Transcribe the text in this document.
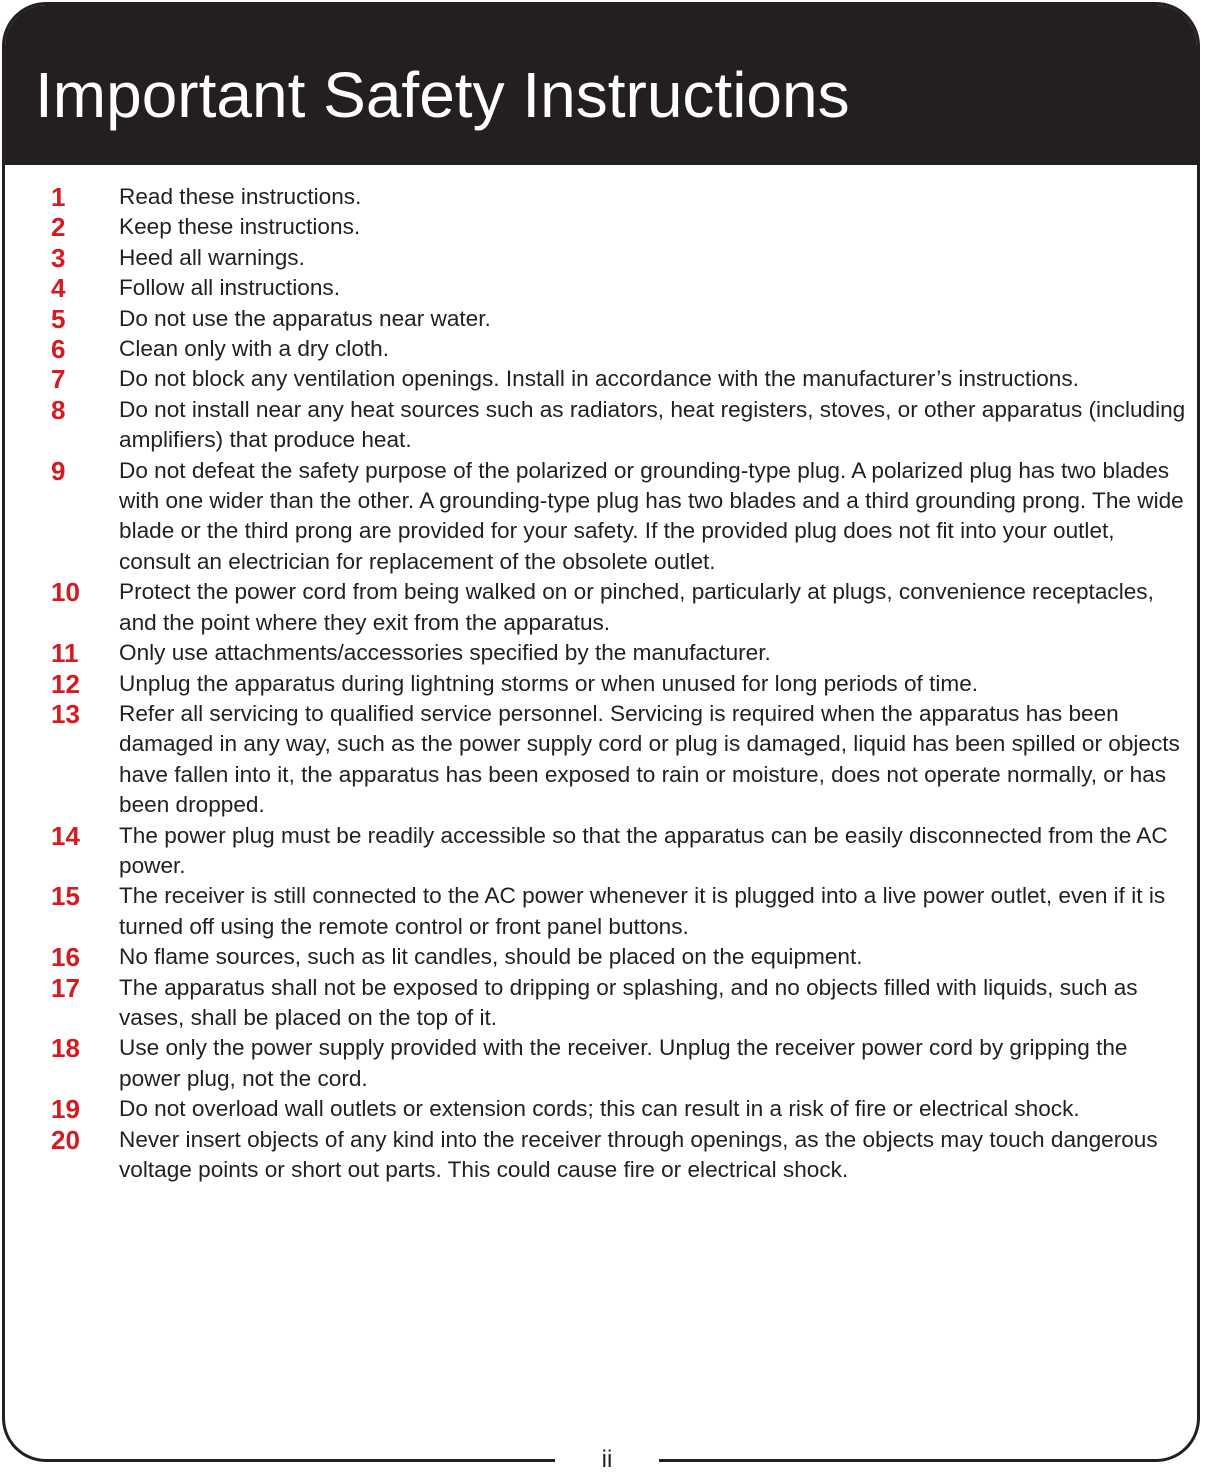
Important Safety Instructions
1	Read these instructions.
2	Keep these instructions.
3	Heed all warnings.
4	Follow all instructions.
5	Do not use the apparatus near water.
6	Clean only with a dry cloth.
7	Do not block any ventilation openings. Install in accordance with the manufacturer’s instructions.
8	Do not install near any heat sources such as radiators, heat registers, stoves, or other apparatus (including amplifiers) that produce heat.
9	Do not defeat the safety purpose of the polarized or grounding-type plug. A polarized plug has two blades with one wider than the other. A grounding-type plug has two blades and a third grounding prong. The wide blade or the third prong are provided for your safety. If the provided plug does not fit into your outlet, consult an electrician for replacement of the obsolete outlet.
10	Protect the power cord from being walked on or pinched, particularly at plugs, convenience receptacles, and the point where they exit from the apparatus.
11	Only use attachments/accessories specified by the manufacturer.
12	Unplug the apparatus during lightning storms or when unused for long periods of time.
13	Refer all servicing to qualified service personnel. Servicing is required when the apparatus has been damaged in any way, such as the power supply cord or plug is damaged, liquid has been spilled or objects have fallen into it, the apparatus has been exposed to rain or moisture, does not operate normally, or has been dropped.
14	The power plug must be readily accessible so that the apparatus can be easily disconnected from the AC power.
15	The receiver is still connected to the AC power whenever it is plugged into a live power outlet, even if it is turned off using the remote control or front panel buttons.
16	No flame sources, such as lit candles, should be placed on the equipment.
17	The apparatus shall not be exposed to dripping or splashing, and no objects filled with liquids, such as vases, shall be placed on the top of it.
18	Use only the power supply provided with the receiver. Unplug the receiver power cord by gripping the power plug, not the cord.
19	Do not overload wall outlets or extension cords; this can result in a risk of fire or electrical shock.
20	Never insert objects of any kind into the receiver through openings, as the objects may touch dangerous voltage points or short out parts. This could cause fire or electrical shock.
ii
